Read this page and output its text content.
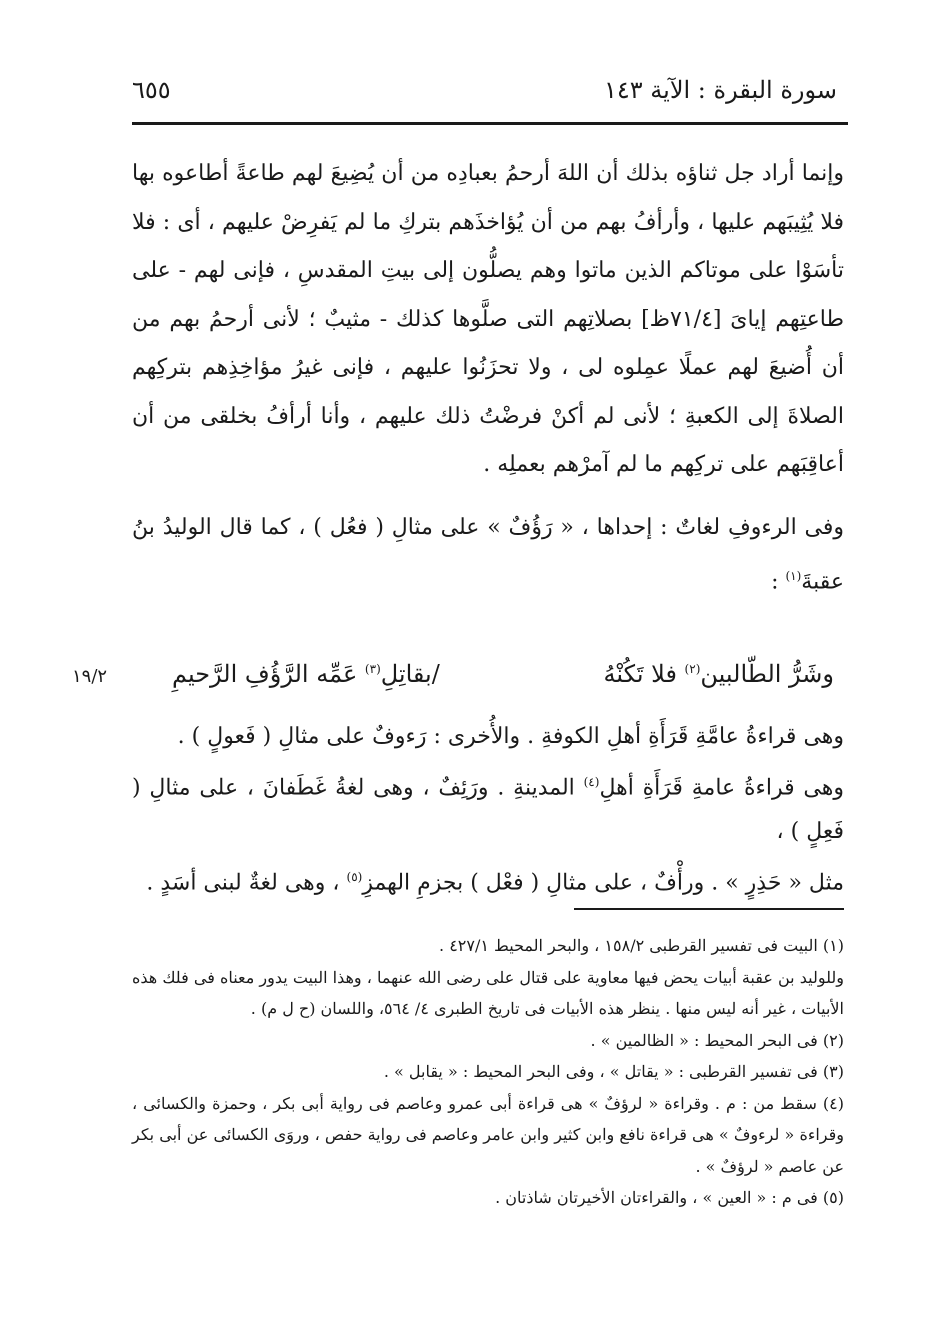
سورة البقرة : الآية ١٤٣
٦٥٥

وإنما أراد جل ثناؤه بذلك أن اللهَ أرحمُ بعبادِه من أن يُضِيعَ لهم طاعةً أطاعوه بها فلا يُثِيبَهم عليها ، وأرأفُ بهم من أن يُؤاخذَهم بتركِ ما لم يَفرِضْ عليهم ، أى : فلا تأسَوْا على موتاكم الذين ماتوا وهم يصلُّون إلى بيتِ المقدسِ ، فإنى لهم - على طاعتِهم إيایَ [٧١/٤ظ] بصلاتِهم التى صلَّوها كذلك - مثيبٌ ؛ لأنى أرحمُ بهم من أن أُضيعَ لهم عملًا عمِلوه لى ، ولا تحزَنُوا عليهم ، فإنى غيرُ مؤاخِذِهم بتركِهم الصلاةَ إلى الكعبةِ ؛ لأنى لم أكنْ فرضْتُ ذلك عليهم ، وأنا أرأفُ بخلقى من أن أعاقِبَهم على تركِهم ما لم آمرْهم بعملِه .

وفى الرءوفِ لغاتٌ : إحداها ، « رَؤُفٌ » على مثالِ ( فعُل ) ، كما قال الوليدُ بنُ عقبةَ$^{(١)}$ :

وشَرُّ الطّالبين$^{(٢)}$ فلا تَكُنْهُ
/بقاتِلِ$^{(٣)}$ عَمِّه الرَّؤُفِ الرَّحيمِ
١٩/٢

وهى قراءةُ عامَّةِ قَرَأَةِ أهلِ الكوفةِ . والأُخرى : رَءوفٌ على مثالِ ( فَعولٍ ) .

وهى قراءةُ عامةِ قَرَأَةِ أهلِ$^{(٤)}$ المدينةِ . ورَئِفٌ ، وهى لغةُ غَطَفانَ ، على مثالِ ( فَعِلٍ ) ،

مثل « حَذِرٍ » . ورأْفٌ ، على مثالِ ( فعْل ) بجزمِ الهمزِ$^{(٥)}$ ، وهى لغةٌ لبنى أسَدٍ .

(١) البيت فى تفسير القرطبى ١٥٨/٢ ، والبحر المحيط ٤٢٧/١ .

وللوليد بن عقبة أبيات يحض فيها معاوية على قتال على رضى الله عنهما ، وهذا البيت يدور معناه فى فلك هذه الأبيات ، غير أنه ليس منها . ينظر هذه الأبيات فى تاريخ الطبرى ٤/ ٥٦٤، واللسان (ح ل م) .

(٢) فى البحر المحيط : « الظالمين » .

(٣) فى تفسير القرطبى : « يقاتل » ، وفى البحر المحيط : « يقابل » .

(٤) سقط من : م . وقراءة « لرؤفٌ » هى قراءة أبى عمرو وعاصم فى رواية أبى بكر ، وحمزة والكسائى ، وقراءة « لرءوفٌ » هى قراءة نافع وابن كثير وابن عامر وعاصم فى رواية حفص ، وروَى الكسائى عن أبى بكر عن عاصم « لرؤفٌ » .

(٥) فى م : « العين » ، والقراءتان الأخيرتان شاذتان .
